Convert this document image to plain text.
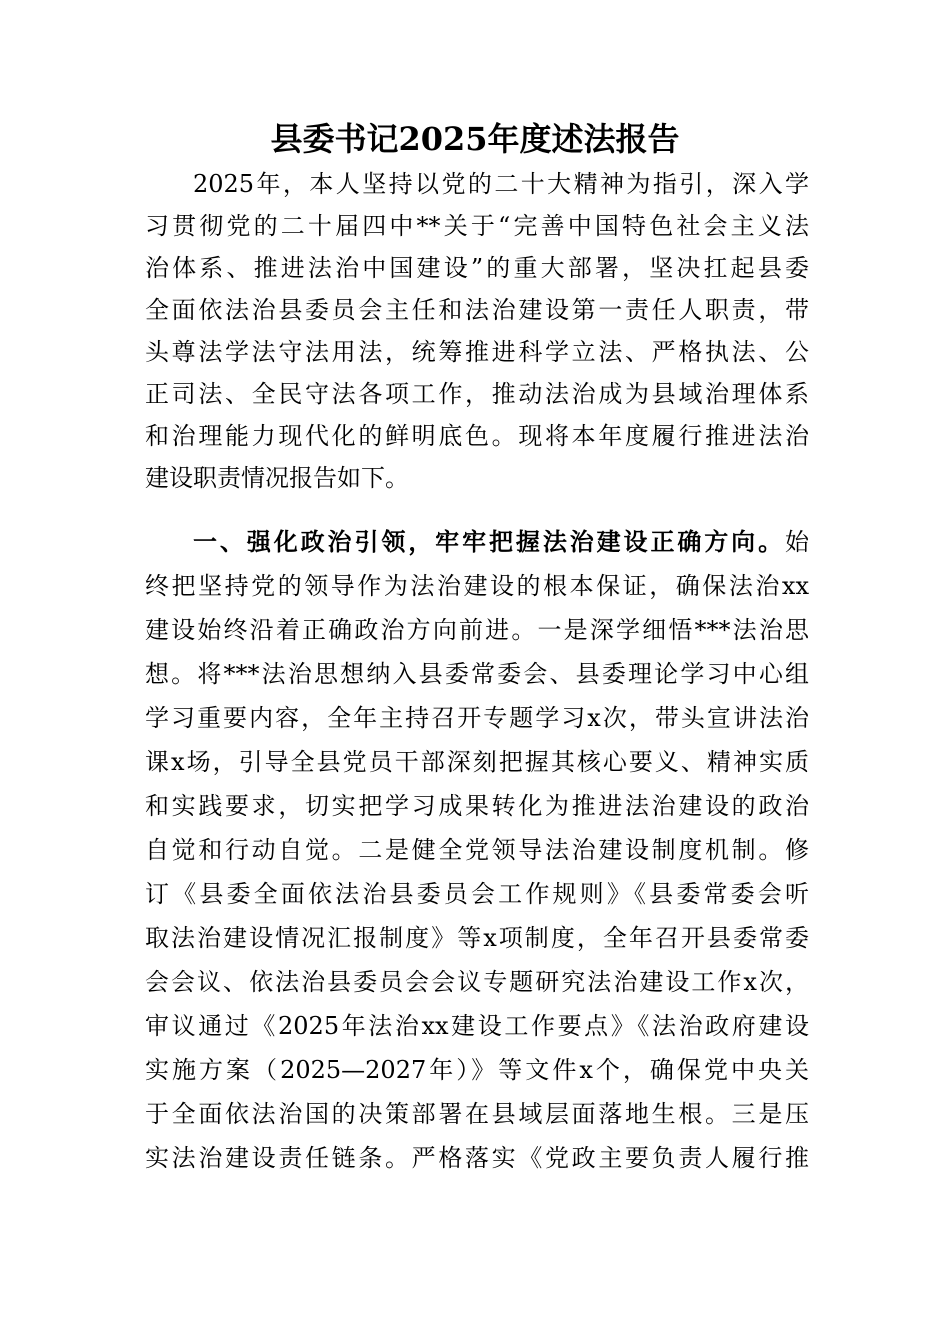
县委书记2025年度述法报告
2025年，本人坚持以党的二十大精神为指引，深入学
习贯彻党的二十届四中**关于“完善中国特色社会主义法
治体系、推进法治中国建设”的重大部署，坚决扛起县委
全面依法治县委员会主任和法治建设第一责任人职责，带
头尊法学法守法用法，统筹推进科学立法、严格执法、公
正司法、全民守法各项工作，推动法治成为县域治理体系
和治理能力现代化的鲜明底色。现将本年度履行推进法治
建设职责情况报告如下。
一、强化政治引领，牢牢把握法治建设正确方向。始
终把坚持党的领导作为法治建设的根本保证，确保法治xx
建设始终沿着正确政治方向前进。一是深学细悟***法治思
想。将***法治思想纳入县委常委会、县委理论学习中心组
学习重要内容，全年主持召开专题学习x次，带头宣讲法治
课x场，引导全县党员干部深刻把握其核心要义、精神实质
和实践要求，切实把学习成果转化为推进法治建设的政治
自觉和行动自觉。二是健全党领导法治建设制度机制。修
订《县委全面依法治县委员会工作规则》《县委常委会听
取法治建设情况汇报制度》等x项制度，全年召开县委常委
会会议、依法治县委员会会议专题研究法治建设工作x次，
审议通过《2025年法治xx建设工作要点》《法治政府建设
实施方案（2025—2027年）》等文件x个，确保党中央关
于全面依法治国的决策部署在县域层面落地生根。三是压
实法治建设责任链条。严格落实《党政主要负责人履行推
